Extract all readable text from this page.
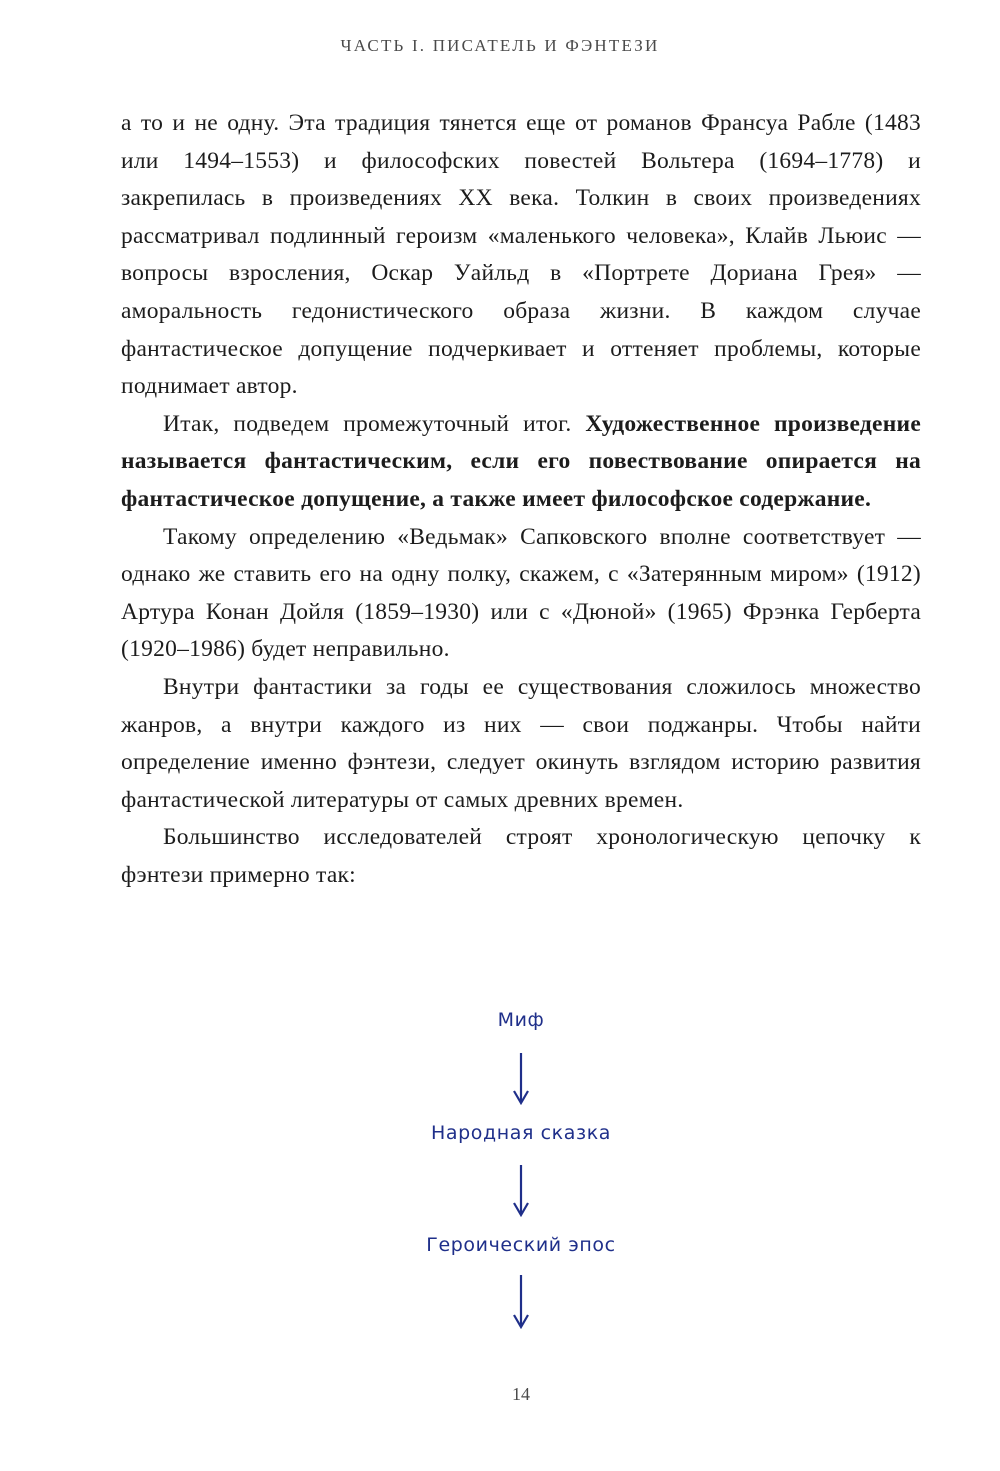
ЧАСТЬ I. ПИСАТЕЛЬ И ФЭНТЕЗИ

а то и не одну. Эта традиция тянется еще от романов Франсуа Рабле (1483 или 1494–1553) и философских повестей Вольтера (1694–1778) и закрепилась в произведениях XX века. Толкин в своих произведениях рассматривал подлинный героизм «маленького человека», Клайв Льюис — вопросы взросления, Оскар Уайльд в «Портрете Дориана Грея» — аморальность гедонистического образа жизни. В каждом случае фантастическое допущение подчеркивает и оттеняет проблемы, которые поднимает автор.

Итак, подведем промежуточный итог. Художественное произведение называется фантастическим, если его повествование опирается на фантастическое допущение, а также имеет философское содержание.

Такому определению «Ведьмак» Сапковского вполне соответствует — однако же ставить его на одну полку, скажем, с «Затерянным миром» (1912) Артура Конан Дойля (1859–1930) или с «Дюной» (1965) Фрэнка Герберта (1920–1986) будет неправильно.

Внутри фантастики за годы ее существования сложилось множество жанров, а внутри каждого из них — свои поджанры. Чтобы найти определение именно фэнтези, следует окинуть взглядом историю развития фантастической литературы от самых древних времен.

Большинство исследователей строят хронологическую цепочку к фэнтези примерно так:

Миф
Народная сказка
Героический эпос
14
